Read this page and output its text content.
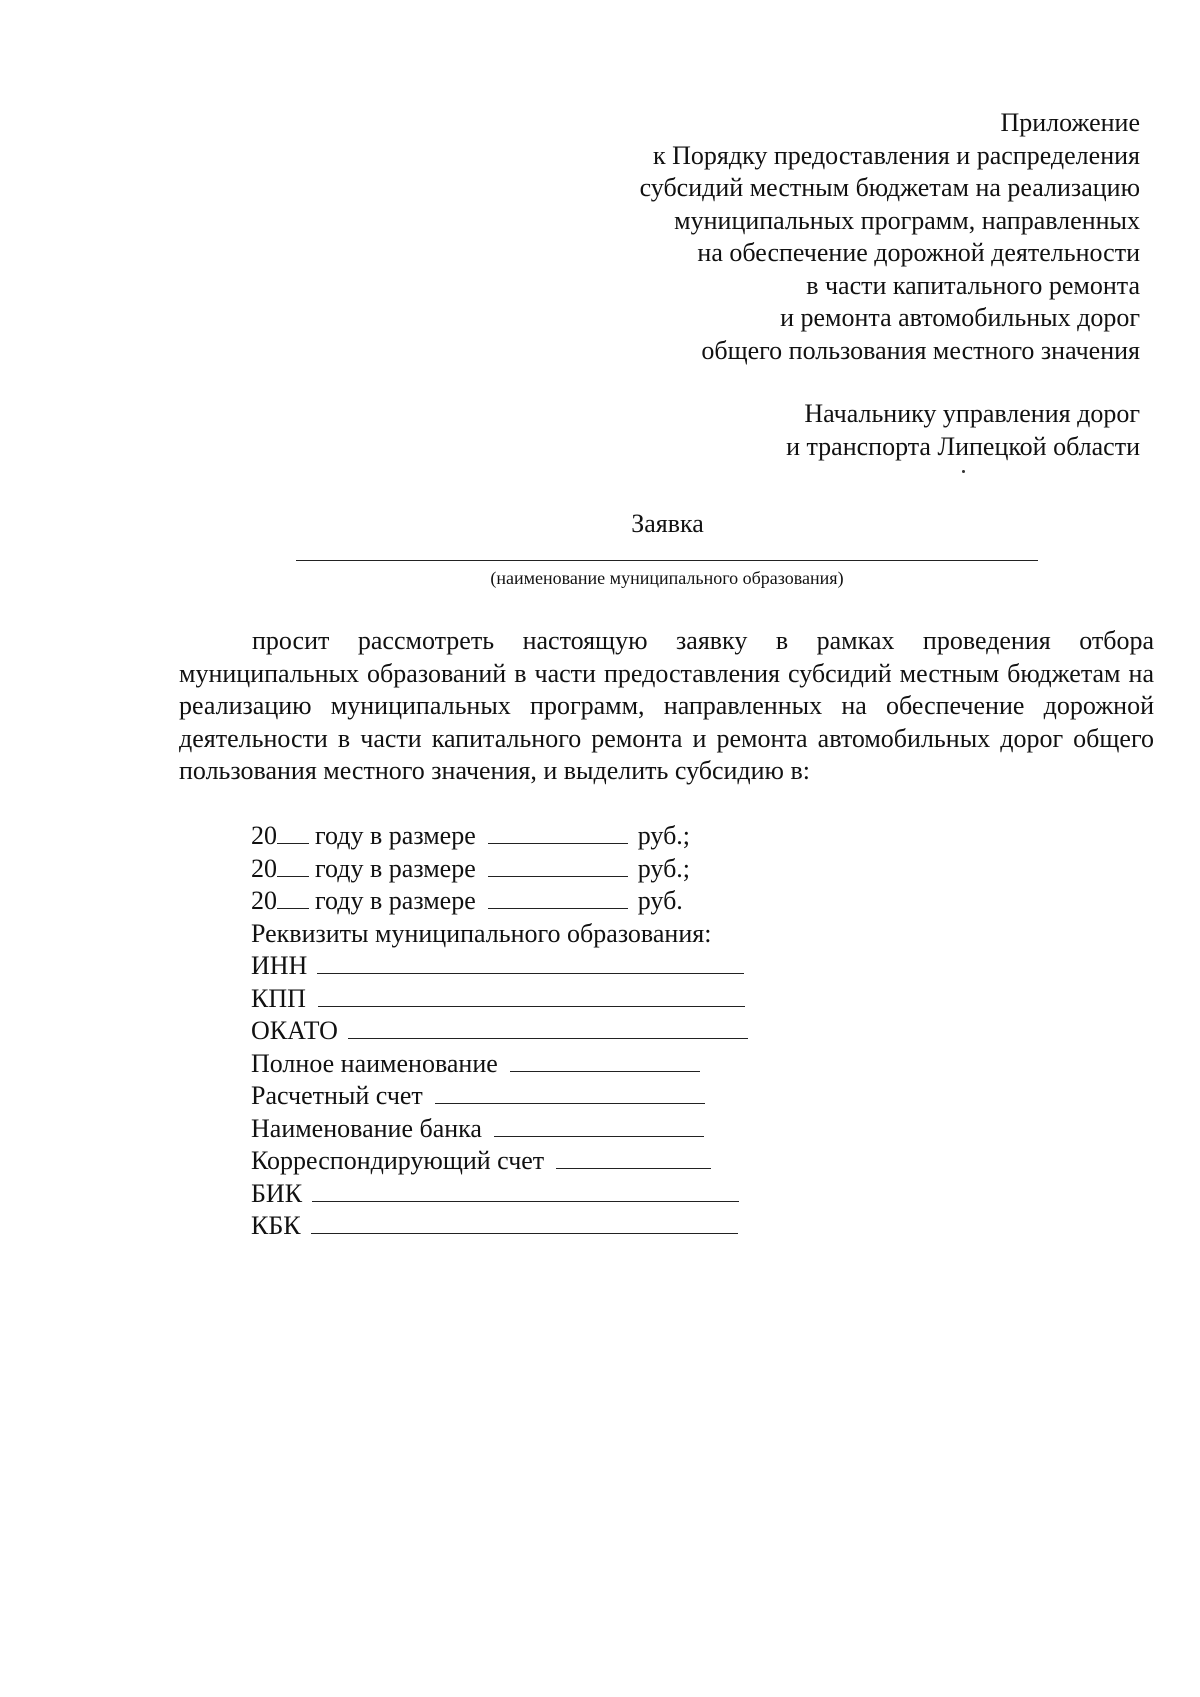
Приложение
к Порядку предоставления и распределения
субсидий местным бюджетам на реализацию
муниципальных программ, направленных
на обеспечение дорожной деятельности
в части капитального ремонта
и ремонта автомобильных дорог
общего пользования местного значения
Начальнику управления дорог
и транспорта Липецкой области
Заявка
(наименование муниципального образования)
просит рассмотреть настоящую заявку в рамках проведения отбора муниципальных образований в части предоставления субсидий местным бюджетам на реализацию муниципальных программ, направленных на обеспечение дорожной деятельности в части капитального ремонта и ремонта автомобильных дорог общего пользования местного значения, и выделить субсидию в:
20 году в размере	руб.;
20 году в размере	руб.;
20 году в размере	руб.
Реквизиты муниципального образования:
ИНН
КПП
ОКАТО
Полное наименование
Расчетный счет
Наименование банка
Корреспондирующий счет
БИК
КБК
